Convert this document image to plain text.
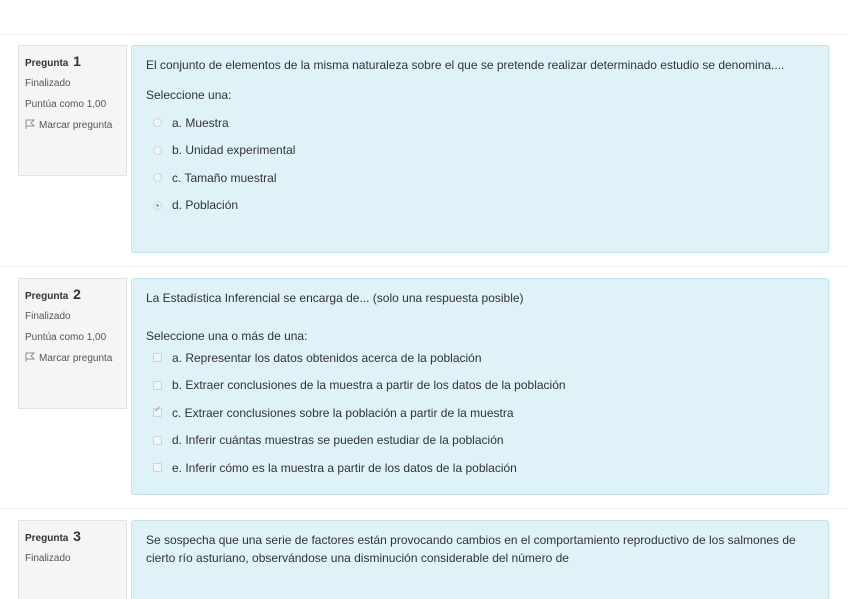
Pregunta 1
Finalizado
Puntúa como 1,00
Marcar pregunta
El conjunto de elementos de la misma naturaleza sobre el que se pretende realizar determinado estudio se denomina....
Seleccione una:
a. Muestra
b. Unidad experimental
c. Tamaño muestral
d. Población
Pregunta 2
Finalizado
Puntúa como 1,00
Marcar pregunta
La Estadística Inferencial se encarga de... (solo una respuesta posible)
Seleccione una o más de una:
a. Representar los datos obtenidos acerca de la población
b. Extraer conclusiones de la muestra a partir de los datos de la población
✓
c. Extraer conclusiones sobre la población a partir de la muestra
d. Inferir cuántas muestras se pueden estudiar de la población
e. Inferir cómo es la muestra a partir de los datos de la población
Pregunta 3
Finalizado
Se sospecha que una serie de factores están provocando cambios en el comportamiento reproductivo de los salmones de cierto río asturiano, observándose una disminución considerable del número de
